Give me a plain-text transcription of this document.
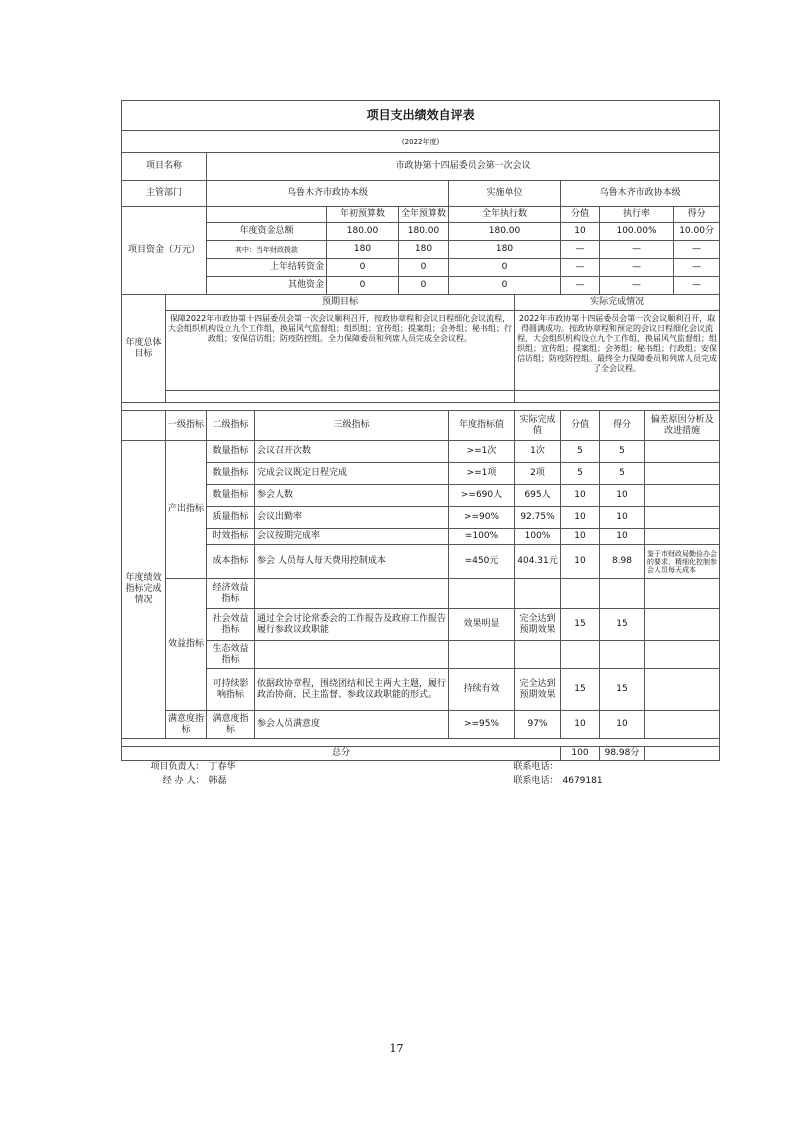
项目支出绩效自评表											
(2022年度)											
项目名称		市政协第十四届委员会第一次会议									
主管部门		乌鲁木齐市政协本级				实施单位		乌鲁木齐市政协本级			
项目资金（万元）				年初预算数	全年预算数	全年执行数		分值	执行率		得分
		年度资金总额		180.00	180.00	180.00		10	100.00%		10.00分
		其中：当年财政拨款		180	180	180		—	—		—
		上年结转资金		0	0	0		—	—		—
		其他资金		0	0	0		—	—		—
年度总体目标	预期目标						实际完成情况				
	保障2022年市政协第十四届委员会第一次会议顺利召开，按政协章程和会议日程细化会议流程，大会组织机构设立九个工作组，换届风气监督组；组织组；宣传组；提案组；会务组；秘书组；行政组；安保信访组；防疫防控组。全力保障委员和列席人员完成全会议程。						2022年市政协第十四届委员会第一次会议顺利召开，取得圆满成功。按政协章程和预定的会议日程细化会议流程，大会组织机构设立九个工作组，换届风气监督组；组织组；宣传组；提案组；会务组；秘书组；行政组；安保信访组；防疫防控组。最终全力保障委员和列席人员完成了全会议程。				

	一级指标	二级指标	三级指标			年度指标值	实际完成值	分值	得分	偏差原因分析及改进措施	
年度绩效指标完成情况	产出指标	数量指标	会议召开次数			>=1次	1次	5	5		
		数量指标	完成会议既定日程完成			>=1项	2项	5	5		
		数量指标	参会人数			>=690人	695人	10	10		
		质量指标	会议出勤率			>=90%	92.75%	10	10		
		时效指标	会议按期完成率			=100%	100%	10	10		
		成本指标	参会 人员每人每天费用控制成本			=450元	404.31元	10	8.98	鉴于市财政局勤俭办会的要求，精细化控制参会人员每天成本	
	效益指标	经济效益指标									
		社会效益指标	通过全会讨论常委会的工作报告及政府工作报告履行参政议政职能			效果明显	完全达到预期效果	15	15		
		生态效益指标									
		可持续影响指标	依据政协章程，围绕团结和民主两大主题，履行政治协商、民主监督、参政议政职能的形式。			持续有效	完全达到预期效果	15	15		
	满意度指标	满意度指标	参会人员满意度			>=95%	97%	10	10		

总分								100	98.98分		
项目负责人：		丁春华				联系电话：					
经 办 人：		韩磊				联系电话：		4679181			
17
